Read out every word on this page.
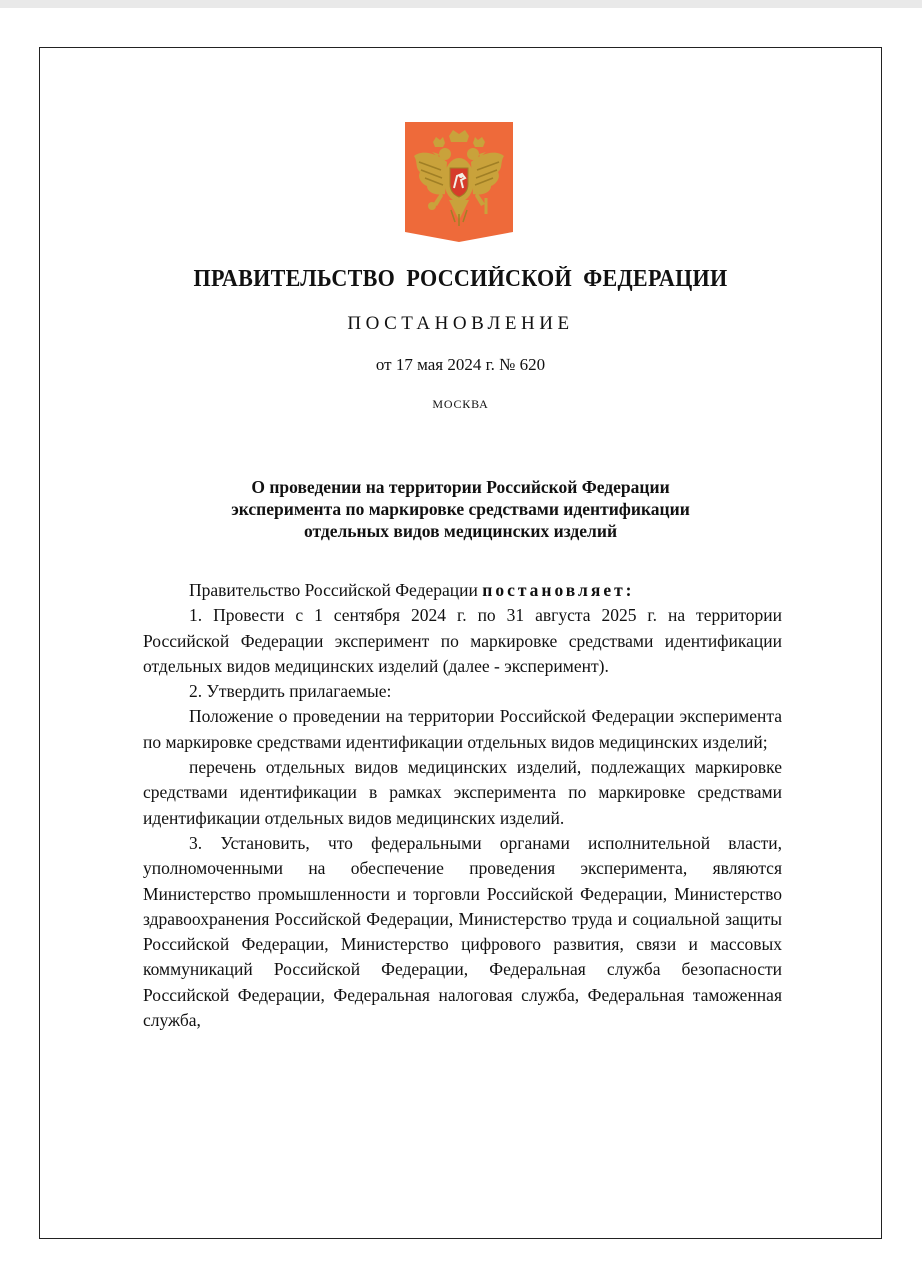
ПРАВИТЕЛЬСТВО РОССИЙСКОЙ ФЕДЕРАЦИИ
ПОСТАНОВЛЕНИЕ
от 17 мая 2024 г. № 620
МОСКВА
О проведении на территории Российской Федерации
эксперимента по маркировке средствами идентификации
отдельных видов медицинских изделий

Правительство Российской Федерации постановляет:

1. Провести с 1 сентября 2024 г. по 31 августа 2025 г. на территории Российской Федерации эксперимент по маркировке средствами идентификации отдельных видов медицинских изделий (далее - эксперимент).

2. Утвердить прилагаемые:

Положение о проведении на территории Российской Федерации эксперимента по маркировке средствами идентификации отдельных видов медицинских изделий;

перечень отдельных видов медицинских изделий, подлежащих маркировке средствами идентификации в рамках эксперимента по маркировке средствами идентификации отдельных видов медицинских изделий.

3. Установить, что федеральными органами исполнительной власти, уполномоченными на обеспечение проведения эксперимента, являются Министерство промышленности и торговли Российской Федерации, Министерство здравоохранения Российской Федерации, Министерство труда и социальной защиты Российской Федерации, Министерство цифрового развития, связи и массовых коммуникаций Российской Федерации, Федеральная служба безопасности Российской Федерации, Федеральная налоговая служба, Федеральная таможенная служба,
